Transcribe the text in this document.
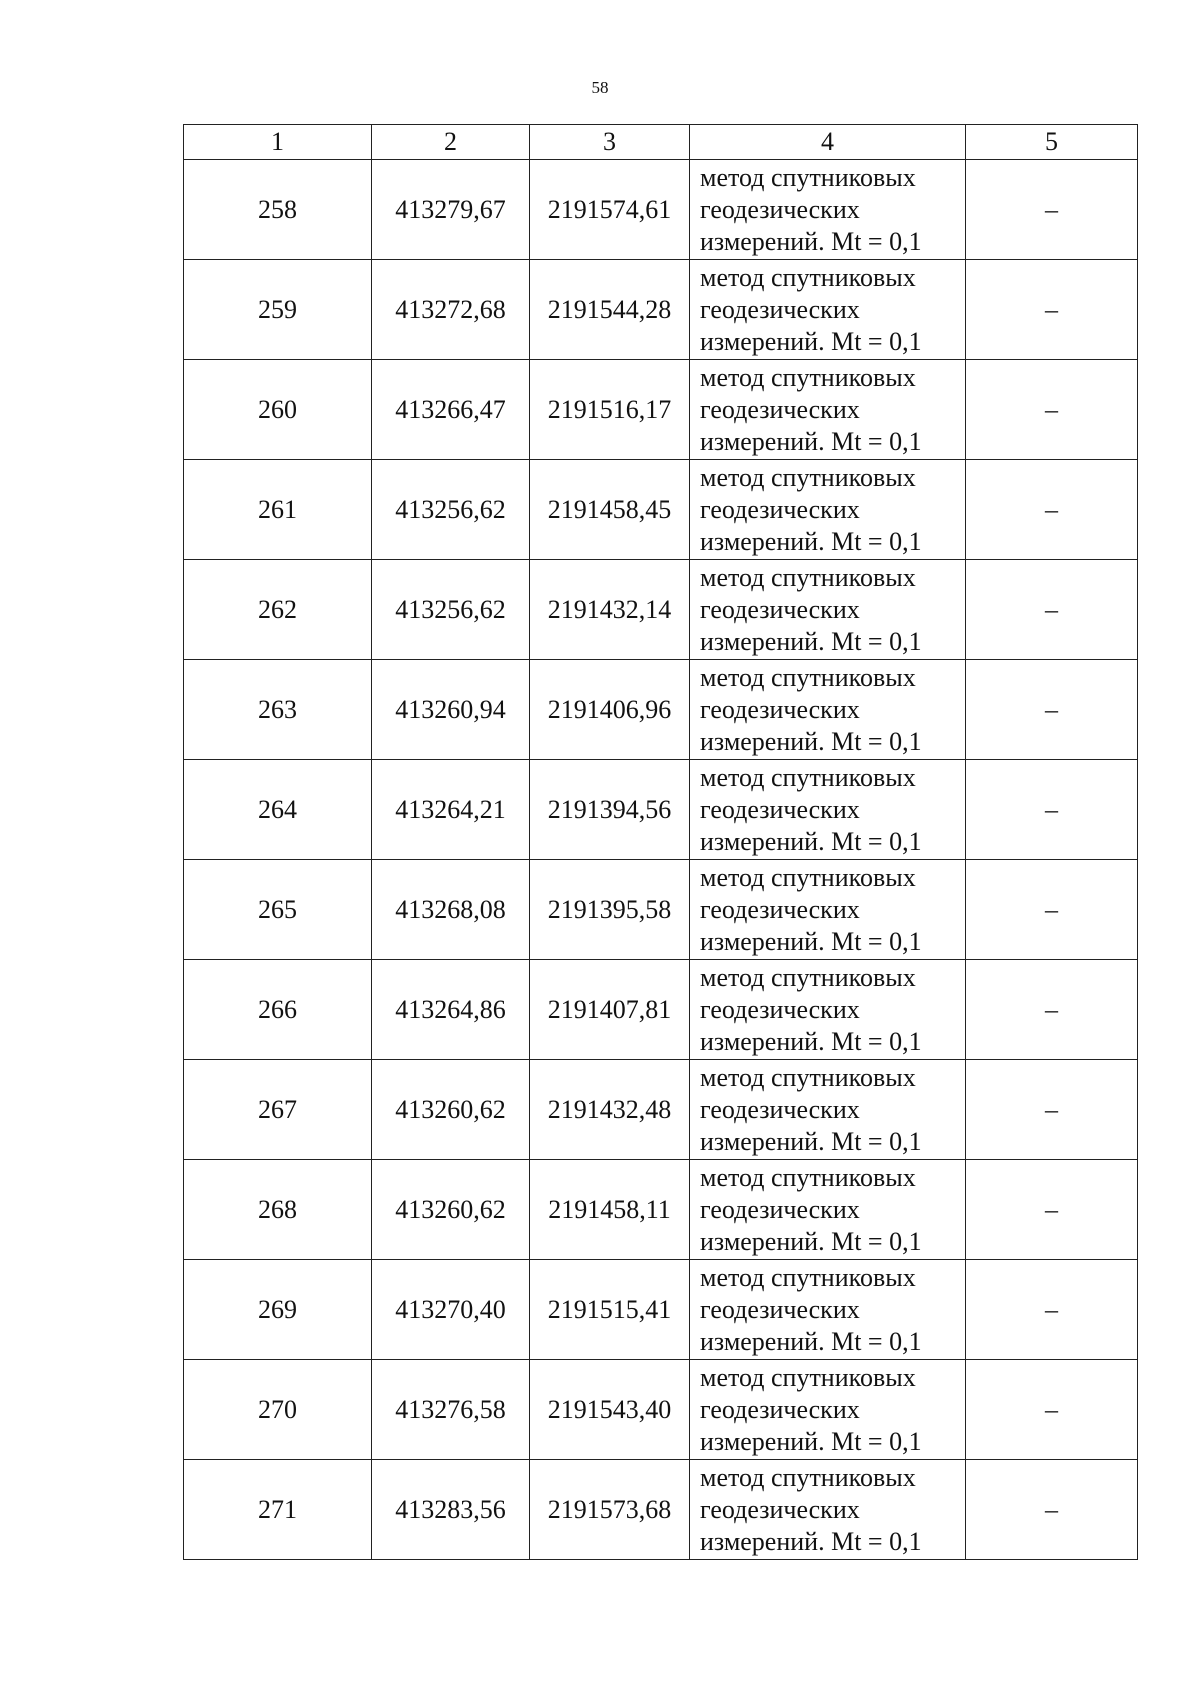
58
1	2	3	4	5
258	413279,67	2191574,61	метод спутниковых
геодезических
измерений. Mt = 0,1	–
259	413272,68	2191544,28	метод спутниковых
геодезических
измерений. Mt = 0,1	–
260	413266,47	2191516,17	метод спутниковых
геодезических
измерений. Mt = 0,1	–
261	413256,62	2191458,45	метод спутниковых
геодезических
измерений. Mt = 0,1	–
262	413256,62	2191432,14	метод спутниковых
геодезических
измерений. Mt = 0,1	–
263	413260,94	2191406,96	метод спутниковых
геодезических
измерений. Mt = 0,1	–
264	413264,21	2191394,56	метод спутниковых
геодезических
измерений. Mt = 0,1	–
265	413268,08	2191395,58	метод спутниковых
геодезических
измерений. Mt = 0,1	–
266	413264,86	2191407,81	метод спутниковых
геодезических
измерений. Mt = 0,1	–
267	413260,62	2191432,48	метод спутниковых
геодезических
измерений. Mt = 0,1	–
268	413260,62	2191458,11	метод спутниковых
геодезических
измерений. Mt = 0,1	–
269	413270,40	2191515,41	метод спутниковых
геодезических
измерений. Mt = 0,1	–
270	413276,58	2191543,40	метод спутниковых
геодезических
измерений. Mt = 0,1	–
271	413283,56	2191573,68	метод спутниковых
геодезических
измерений. Mt = 0,1	–
